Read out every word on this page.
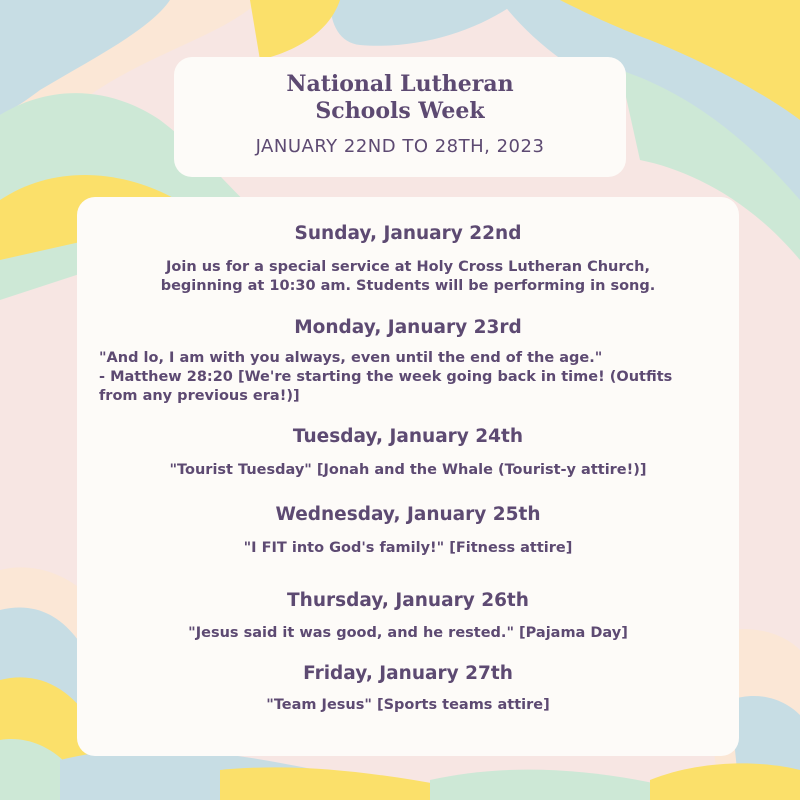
National Lutheran
Schools Week
JANUARY 22ND TO 28TH, 2023
Sunday, January 22nd
Join us for a special service at Holy Cross Lutheran Church,
beginning at 10:30 am. Students will be performing in song.
Monday, January 23rd
"And lo, I am with you always, even until the end of the age."
- Matthew 28:20 [We're starting the week going back in time! (Outfits
from any previous era!)]
Tuesday, January 24th
"Tourist Tuesday" [Jonah and the Whale (Tourist-y attire!)]
Wednesday, January 25th
"I FIT into God's family!" [Fitness attire]
Thursday, January 26th
"Jesus said it was good, and he rested." [Pajama Day]
Friday, January 27th
"Team Jesus" [Sports teams attire]
